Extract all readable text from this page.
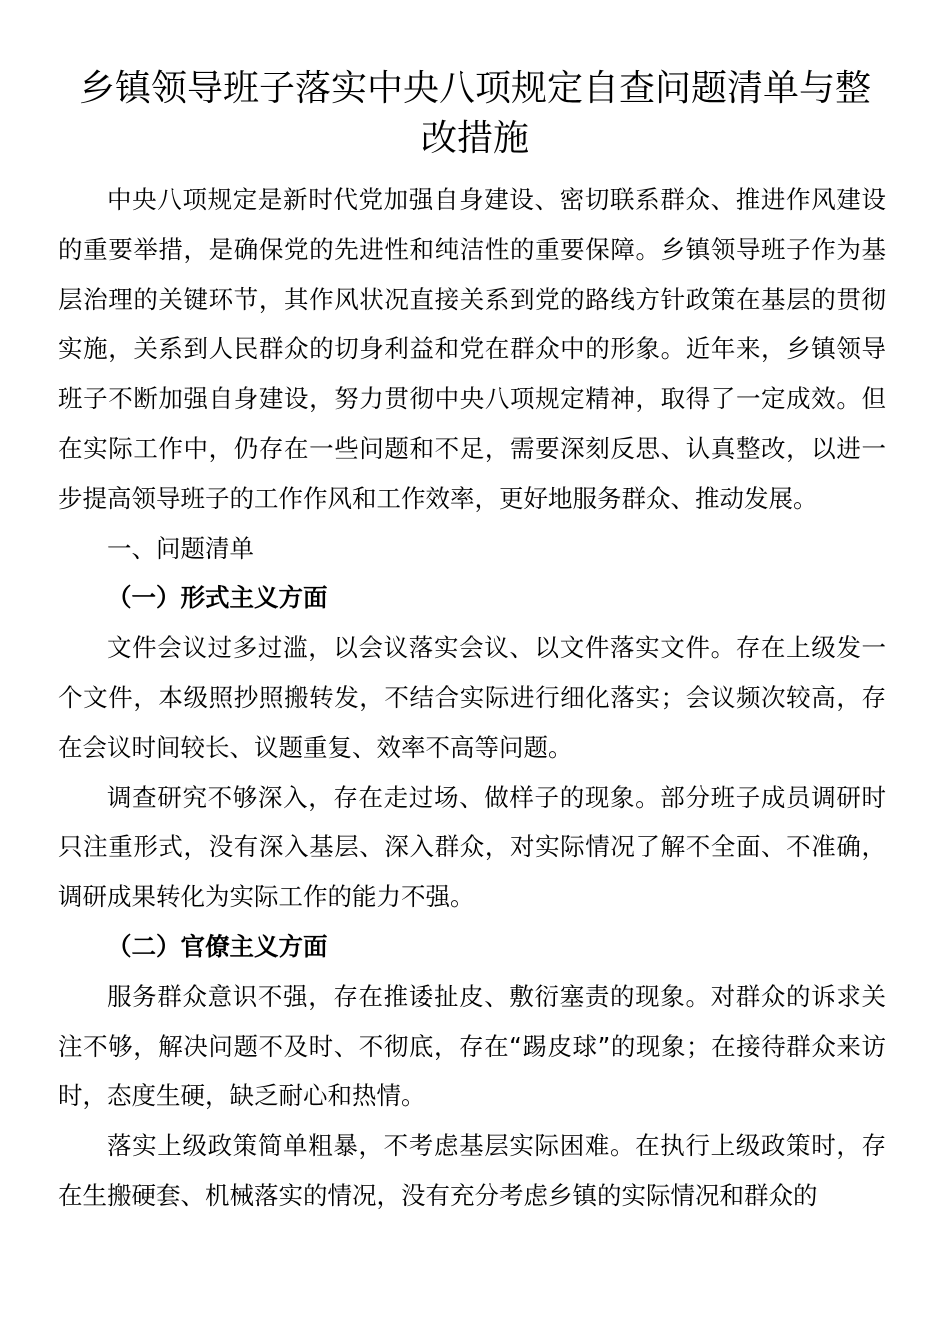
乡镇领导班子落实中央八项规定自查问题清单与整改措施

中央八项规定是新时代党加强自身建设、密切联系群众、推进作风建设的重要举措，是确保党的先进性和纯洁性的重要保障。乡镇领导班子作为基层治理的关键环节，其作风状况直接关系到党的路线方针政策在基层的贯彻实施，关系到人民群众的切身利益和党在群众中的形象。近年来，乡镇领导班子不断加强自身建设，努力贯彻中央八项规定精神，取得了一定成效。但在实际工作中，仍存在一些问题和不足，需要深刻反思、认真整改，以进一步提高领导班子的工作作风和工作效率，更好地服务群众、推动发展。

一、问题清单

（一）形式主义方面

文件会议过多过滥，以会议落实会议、以文件落实文件。存在上级发一个文件，本级照抄照搬转发，不结合实际进行细化落实；会议频次较高，存在会议时间较长、议题重复、效率不高等问题。

调查研究不够深入，存在走过场、做样子的现象。部分班子成员调研时只注重形式，没有深入基层、深入群众，对实际情况了解不全面、不准确，调研成果转化为实际工作的能力不强。

（二）官僚主义方面

服务群众意识不强，存在推诿扯皮、敷衍塞责的现象。对群众的诉求关注不够，解决问题不及时、不彻底，存在“踢皮球”的现象；在接待群众来访时，态度生硬，缺乏耐心和热情。

落实上级政策简单粗暴，不考虑基层实际困难。在执行上级政策时，存在生搬硬套、机械落实的情况，没有充分考虑乡镇的实际情况和群众的
